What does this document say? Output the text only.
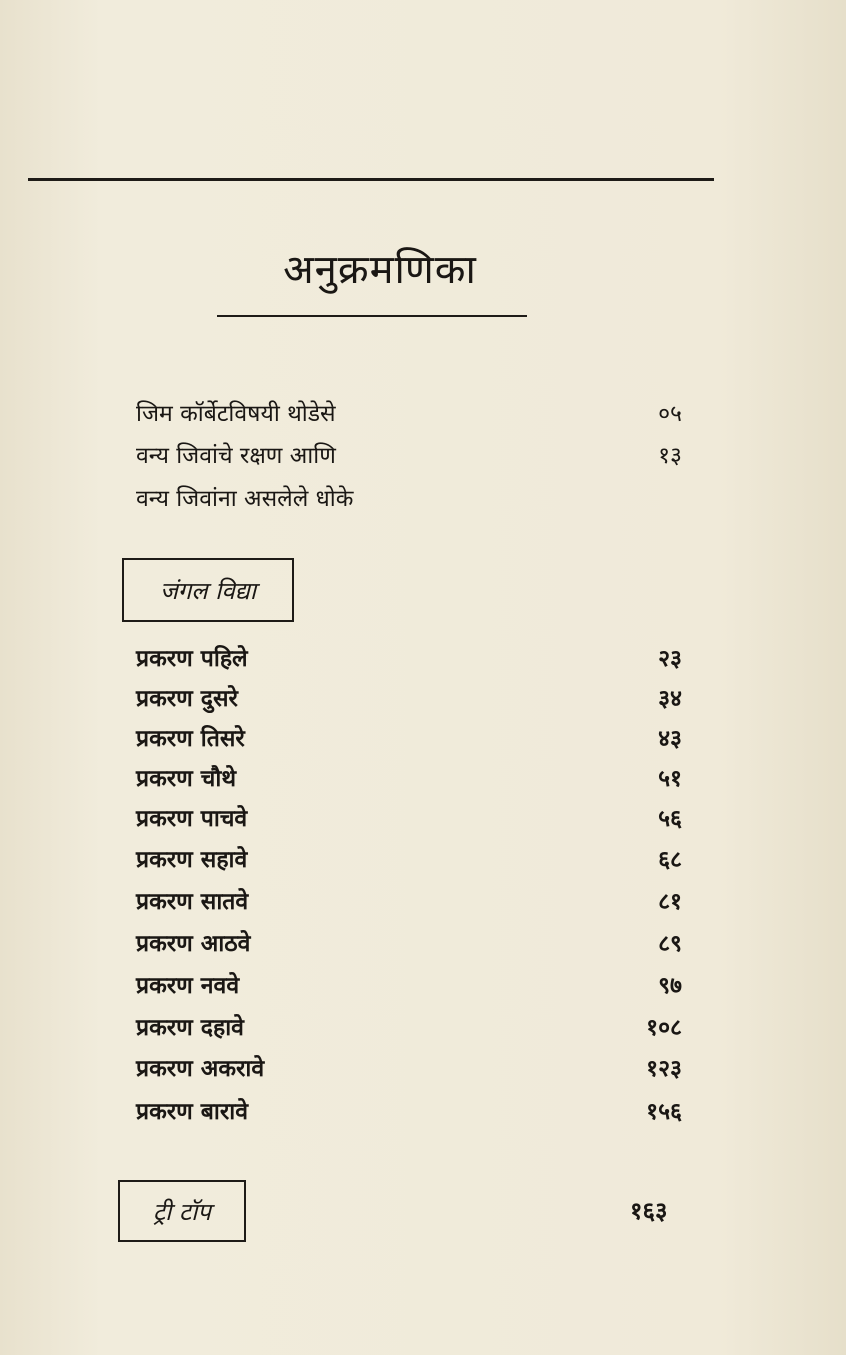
अनुक्रमणिका
जिम कॉर्बेटविषयी थोडेसे	०५
वन्य जिवांचे रक्षण आणि	१३
वन्य जिवांना असलेले धोके
जंगल विद्या
प्रकरण पहिले	२३
प्रकरण दुसरे	३४
प्रकरण तिसरे	४३
प्रकरण चौथे	५१
प्रकरण पाचवे	५६
प्रकरण सहावे	६८
प्रकरण सातवे	८१
प्रकरण आठवे	८९
प्रकरण नववे	९७
प्रकरण दहावे	१०८
प्रकरण अकरावे	१२३
प्रकरण बारावे	१५६
ट्री टॉप	१६३
